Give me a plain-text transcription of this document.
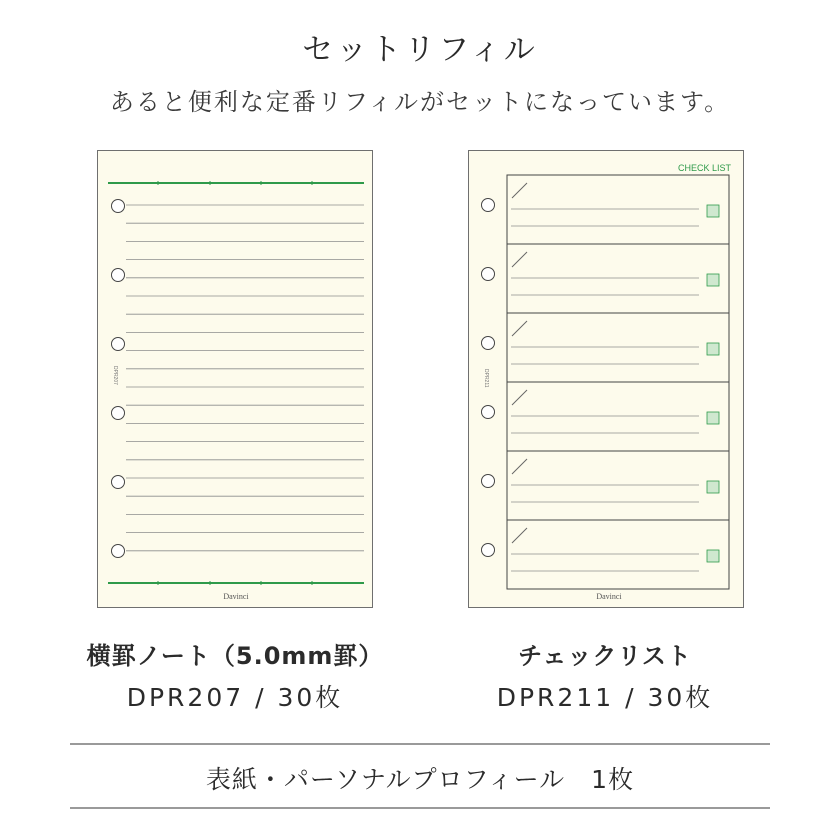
セットリフィル
あると便利な定番リフィルがセットになっています。
Davinci
DPR207
CHECK LIST
Davinci
DPR211
横罫ノート（5.0mm罫）
DPR207 / 30枚
チェックリスト
DPR211 / 30枚
表紙・パーソナルプロフィール　1枚
